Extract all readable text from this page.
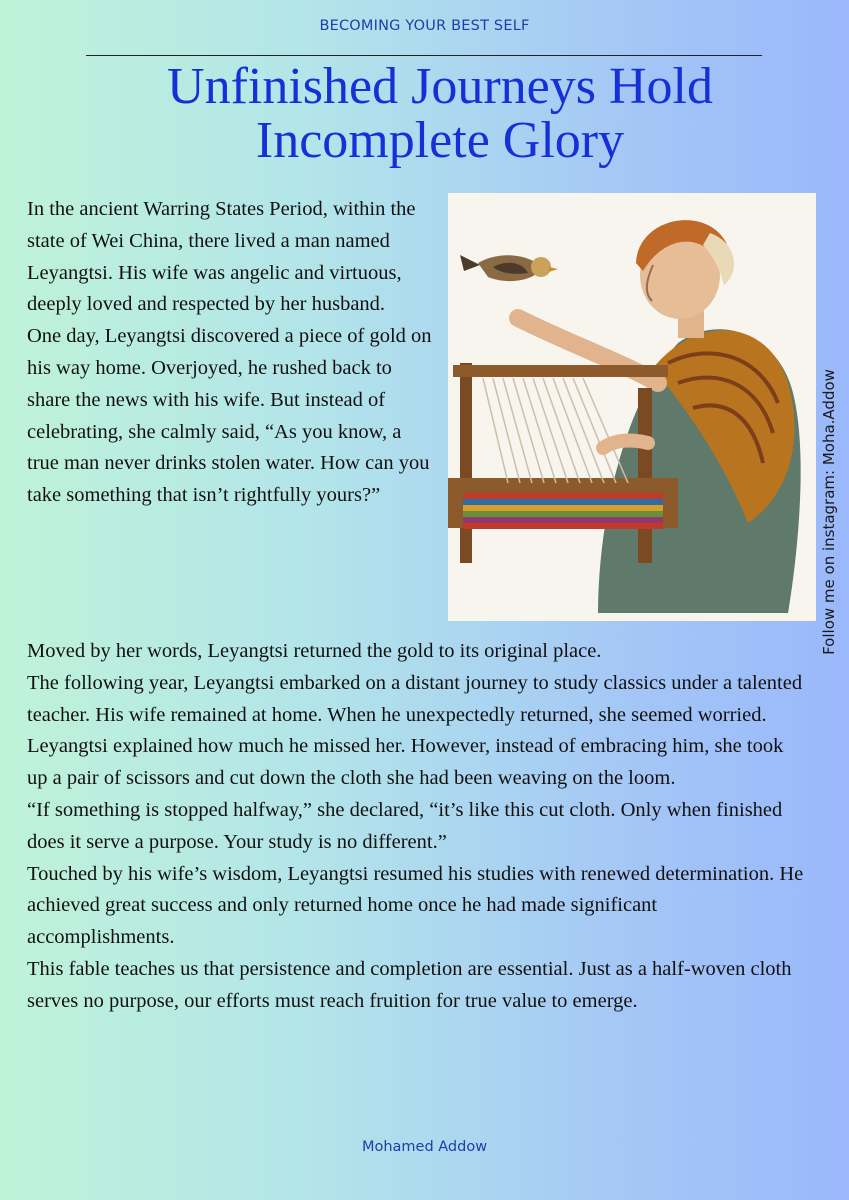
BECOMING YOUR BEST SELF
Unfinished Journeys Hold Incomplete Glory
Follow me on instagram: Moha.Addow

In the ancient Warring States Period, within the state of Wei China, there lived a man named Leyangtsi. His wife was angelic and virtuous, deeply loved and respected by her husband.

One day, Leyangtsi discovered a piece of gold on his way home. Overjoyed, he rushed back to share the news with his wife. But instead of celebrating, she calmly said, “As you know, a true man never drinks stolen water. How can you take something that isn’t rightfully yours?”

Moved by her words, Leyangtsi returned the gold to its original place.

The following year, Leyangtsi embarked on a distant journey to study classics under a talented teacher. His wife remained at home. When he unexpectedly returned, she seemed worried. Leyangtsi explained how much he missed her. However, instead of embracing him, she took up a pair of scissors and cut down the cloth she had been weaving on the loom.

“If something is stopped halfway,” she declared, “it’s like this cut cloth. Only when finished does it serve a purpose. Your study is no different.”

Touched by his wife’s wisdom, Leyangtsi resumed his studies with renewed determination. He achieved great success and only returned home once he had made significant accomplishments.

This fable teaches us that persistence and completion are essential. Just as a half-woven cloth serves no purpose, our efforts must reach fruition for true value to emerge.

Mohamed Addow
